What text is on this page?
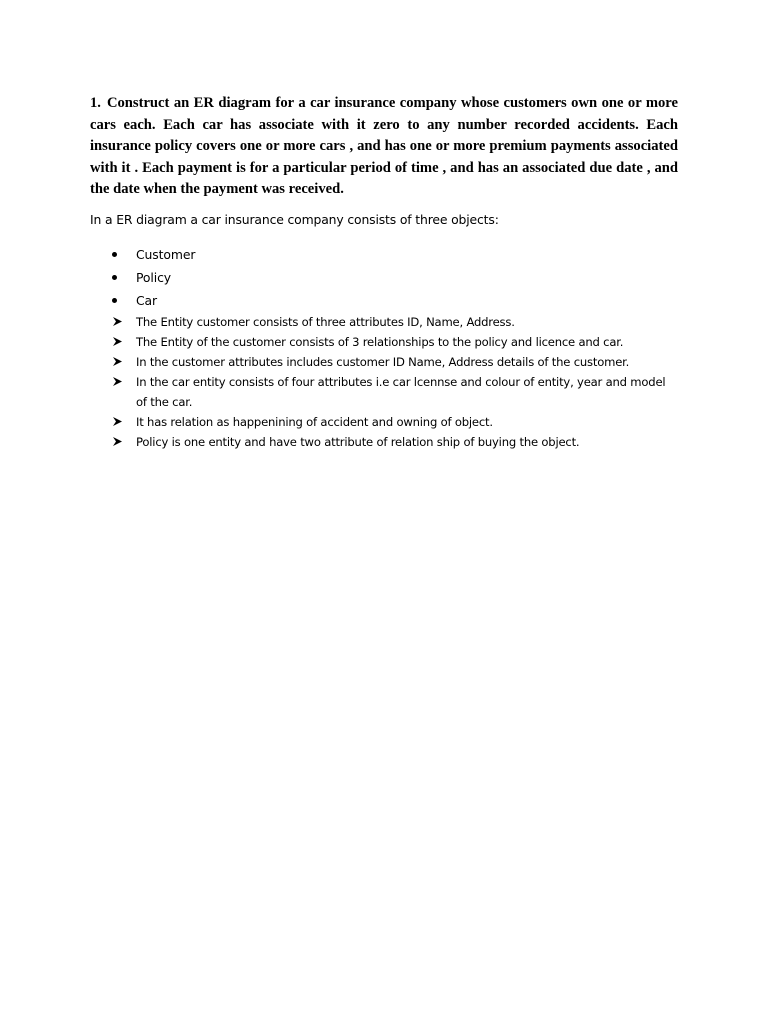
1. Construct an ER diagram for a car insurance company whose customers own one or more cars each. Each car has associate with it zero to any number recorded accidents. Each insurance policy covers one or more cars , and has one or more premium payments associated with it . Each payment is for a particular period of time , and has an associated due date , and the date when the payment was received.

In a ER diagram a car insurance company consists of three objects:

Customer
Policy
Car
The Entity customer consists of three attributes ID, Name, Address.
The Entity of the customer consists of 3 relationships to the policy and licence and car.
In the customer attributes includes customer ID Name, Address details of the customer.
In the car entity consists of four attributes i.e car lcennse and colour of entity, year and model of the car.
It has relation as happenining of accident and owning of object.
Policy is one entity and have two attribute of relation ship of buying the object.
